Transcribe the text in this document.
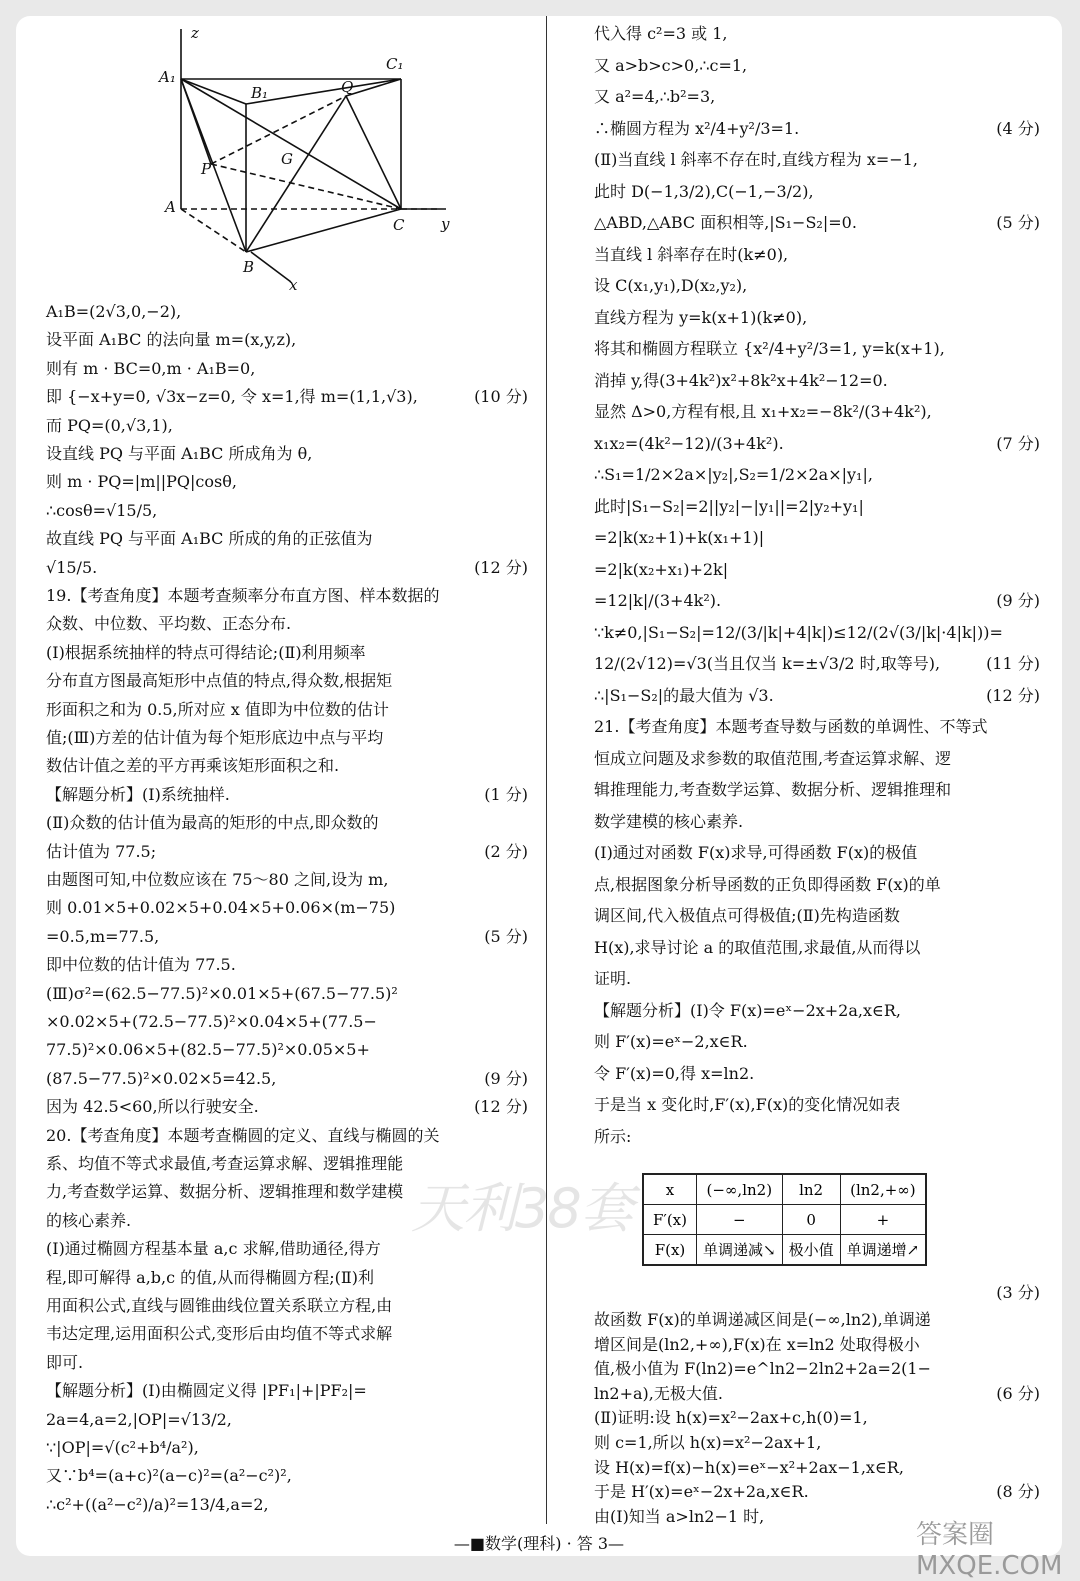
z
y
x
A₁
B₁
C₁
A
B
C
P
Q
G
A₁B=(2√3,0,−2),
设平面 A₁BC 的法向量 m=(x,y,z),
则有 m · BC=0,m · A₁B=0,
即 {−x+y=0, √3x−z=0, 令 x=1,得 m=(1,1,√3),	(10 分)
而 PQ=(0,√3,1),
设直线 PQ 与平面 A₁BC 所成角为 θ,
则 m · PQ=|m||PQ|cosθ,
∴cosθ=√15/5,
故直线 PQ 与平面 A₁BC 所成的角的正弦值为
√15/5.	(12 分)
19.【考查角度】本题考查频率分布直方图、样本数据的
众数、中位数、平均数、正态分布.
(Ⅰ)根据系统抽样的特点可得结论;(Ⅱ)利用频率
分布直方图最高矩形中点值的特点,得众数,根据矩
形面积之和为 0.5,所对应 x 值即为中位数的估计
值;(Ⅲ)方差的估计值为每个矩形底边中点与平均
数估计值之差的平方再乘该矩形面积之和.
【解题分析】(Ⅰ)系统抽样.	(1 分)
(Ⅱ)众数的估计值为最高的矩形的中点,即众数的
估计值为 77.5;	(2 分)
由题图可知,中位数应该在 75～80 之间,设为 m,
则 0.01×5+0.02×5+0.04×5+0.06×(m−75)
=0.5,m=77.5,	(5 分)
即中位数的估计值为 77.5.
(Ⅲ)σ²=(62.5−77.5)²×0.01×5+(67.5−77.5)²
×0.02×5+(72.5−77.5)²×0.04×5+(77.5−
77.5)²×0.06×5+(82.5−77.5)²×0.05×5+
(87.5−77.5)²×0.02×5=42.5,	(9 分)
因为 42.5<60,所以行驶安全.	(12 分)
20.【考查角度】本题考查椭圆的定义、直线与椭圆的关
系、均值不等式求最值,考查运算求解、逻辑推理能
力,考查数学运算、数据分析、逻辑推理和数学建模
的核心素养.
(Ⅰ)通过椭圆方程基本量 a,c 求解,借助通径,得方
程,即可解得 a,b,c 的值,从而得椭圆方程;(Ⅱ)利
用面积公式,直线与圆锥曲线位置关系联立方程,由
韦达定理,运用面积公式,变形后由均值不等式求解
即可.
【解题分析】(Ⅰ)由椭圆定义得 |PF₁|+|PF₂|=
2a=4,a=2,|OP|=√13/2,
∵|OP|=√(c²+b⁴/a²),
又∵b⁴=(a+c)²(a−c)²=(a²−c²)²,
∴c²+((a²−c²)/a)²=13/4,a=2,
代入得 c²=3 或 1,
又 a>b>c>0,∴c=1,
又 a²=4,∴b²=3,
∴椭圆方程为 x²/4+y²/3=1.	(4 分)
(Ⅱ)当直线 l 斜率不存在时,直线方程为 x=−1,
此时 D(−1,3/2),C(−1,−3/2),
△ABD,△ABC 面积相等,|S₁−S₂|=0.	(5 分)
当直线 l 斜率存在时(k≠0),
设 C(x₁,y₁),D(x₂,y₂),
直线方程为 y=k(x+1)(k≠0),
将其和椭圆方程联立 {x²/4+y²/3=1, y=k(x+1),
消掉 y,得(3+4k²)x²+8k²x+4k²−12=0.
显然 Δ>0,方程有根,且 x₁+x₂=−8k²/(3+4k²),
x₁x₂=(4k²−12)/(3+4k²).	(7 分)
∴S₁=1/2×2a×|y₂|,S₂=1/2×2a×|y₁|,
此时|S₁−S₂|=2||y₂|−|y₁||=2|y₂+y₁|
=2|k(x₂+1)+k(x₁+1)|
=2|k(x₂+x₁)+2k|
=12|k|/(3+4k²).	(9 分)
∵k≠0,|S₁−S₂|=12/(3/|k|+4|k|)≤12/(2√(3/|k|·4|k|))=
12/(2√12)=√3(当且仅当 k=±√3/2 时,取等号),	(11 分)
∴|S₁−S₂|的最大值为 √3.	(12 分)
21.【考查角度】本题考查导数与函数的单调性、不等式
恒成立问题及求参数的取值范围,考查运算求解、逻
辑推理能力,考查数学运算、数据分析、逻辑推理和
数学建模的核心素养.
(Ⅰ)通过对函数 F(x)求导,可得函数 F(x)的极值
点,根据图象分析导函数的正负即得函数 F(x)的单
调区间,代入极值点可得极值;(Ⅱ)先构造函数
H(x),求导讨论 a 的取值范围,求最值,从而得以
证明.
【解题分析】(Ⅰ)令 F(x)=eˣ−2x+2a,x∈R,
则 F′(x)=eˣ−2,x∈R.
令 F′(x)=0,得 x=ln2.
于是当 x 变化时,F′(x),F(x)的变化情况如表
所示:
x	(−∞,ln2)	ln2	(ln2,+∞)
F′(x)	−	0	+
F(x)	单调递减↘	极小值	单调递增↗
(3 分)
故函数 F(x)的单调递减区间是(−∞,ln2),单调递
增区间是(ln2,+∞),F(x)在 x=ln2 处取得极小
值,极小值为 F(ln2)=e^ln2−2ln2+2a=2(1−
ln2+a),无极大值.	(6 分)
(Ⅱ)证明:设 h(x)=x²−2ax+c,h(0)=1,
则 c=1,所以 h(x)=x²−2ax+1,
设 H(x)=f(x)−h(x)=eˣ−x²+2ax−1,x∈R,
于是 H′(x)=eˣ−2x+2a,x∈R.	(8 分)
由(Ⅰ)知当 a>ln2−1 时,
天利38套
—■数学(理科) · 答 3—	答案圈 MXQE.COM
